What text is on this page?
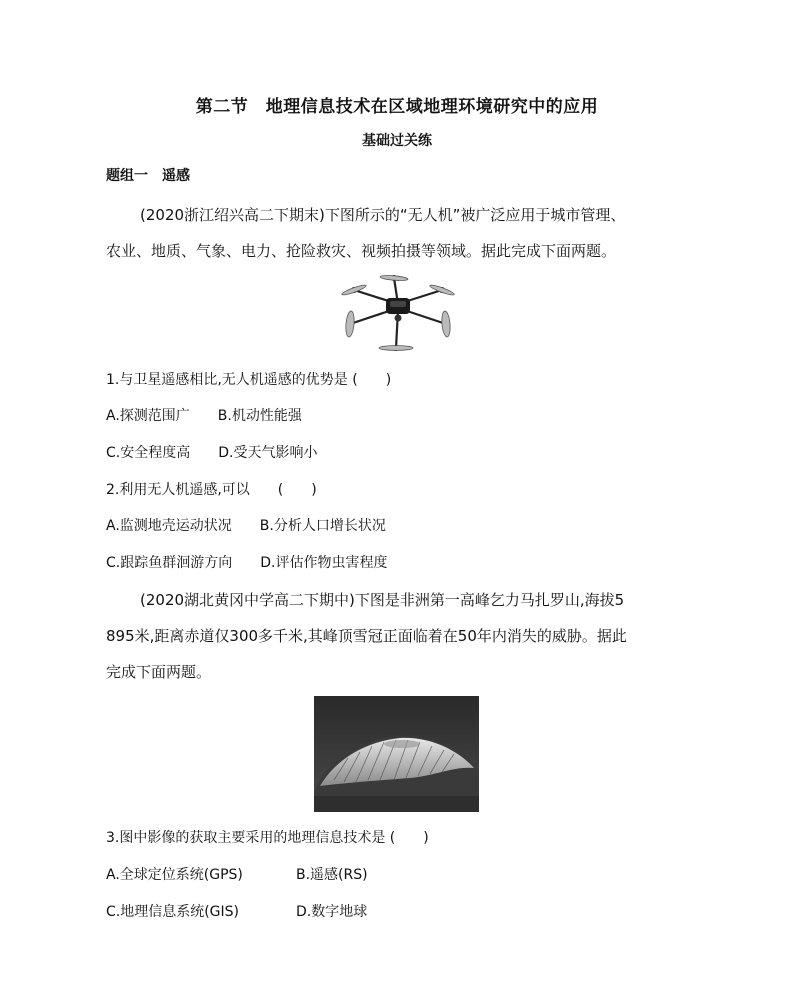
第二节　地理信息技术在区域地理环境研究中的应用
基础过关练
题组一　遥感
(2020浙江绍兴高二下期末)下图所示的“无人机”被广泛应用于城市管理、
农业、地质、气象、电力、抢险救灾、视频拍摄等领域。据此完成下面两题。
1.与卫星遥感相比,无人机遥感的优势是 (　　)
A.探测范围广 B.机动性能强
C.安全程度高 D.受天气影响小
2.利用无人机遥感,可以　　(　　)
A.监测地壳运动状况 B.分析人口增长状况
C.跟踪鱼群洄游方向 D.评估作物虫害程度
(2020湖北黄冈中学高二下期中)下图是非洲第一高峰乞力马扎罗山,海拔5
895米,距离赤道仅300多千米,其峰顶雪冠正面临着在50年内消失的威胁。据此
完成下面两题。
3.图中影像的获取主要采用的地理信息技术是 (　　)
A.全球定位系统(GPS)	B.遥感(RS)
C.地理信息系统(GIS)	D.数字地球
